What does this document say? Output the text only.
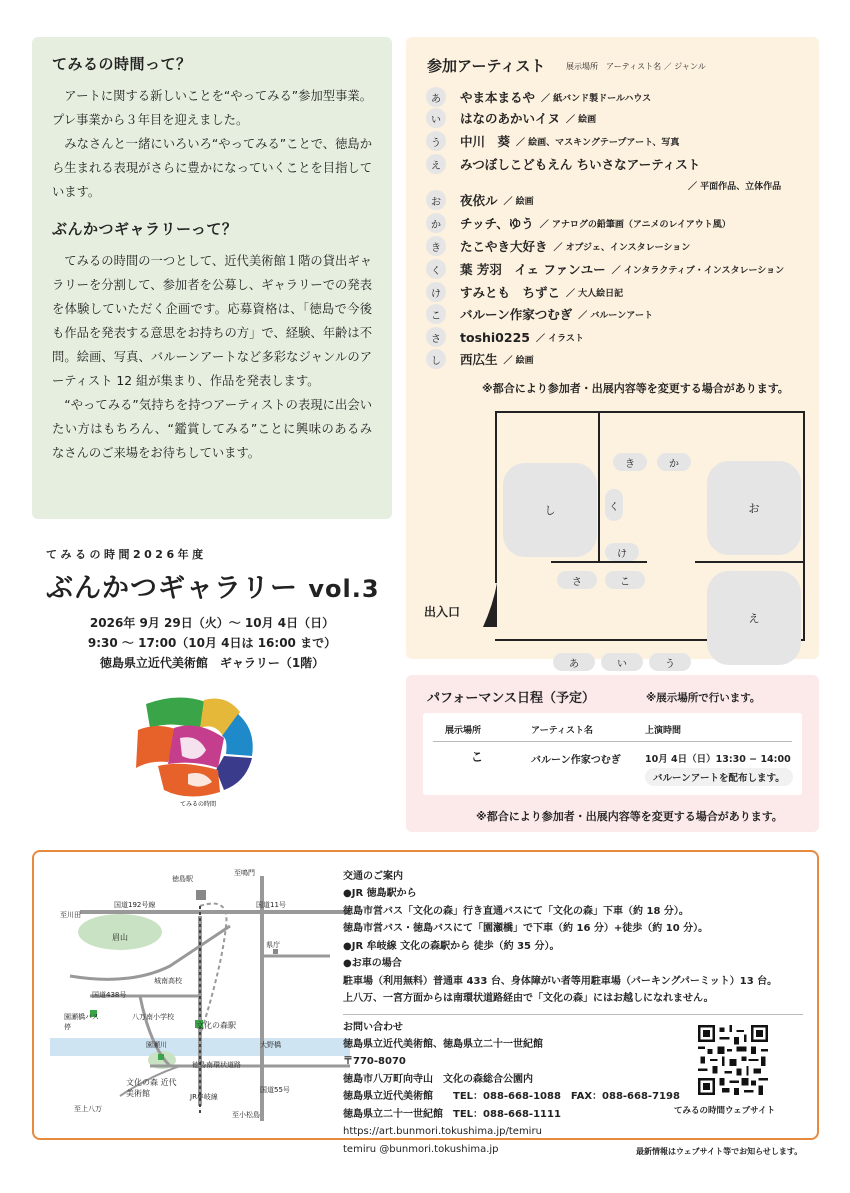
てみるの時間って？

アートに関する新しいことを“やってみる”参加型事業。プレ事業から３年目を迎えました。

みなさんと一緒にいろいろ“やってみる”ことで、徳島から生まれる表現がさらに豊かになっていくことを目指しています。

ぶんかつギャラリーって？

てみるの時間の一つとして、近代美術館１階の貸出ギャラリーを分割して、参加者を公募し、ギャラリーでの発表を体験していただく企画です。応募資格は、「徳島で今後も作品を発表する意思をお持ちの方」で、経験、年齢は不問。絵画、写真、バルーンアートなど多彩なジャンルのアーティスト 12 組が集まり、作品を発表します。

“やってみる”気持ちを持つアーティストの表現に出会いたい方はもちろん、“鑑賞してみる”ことに興味のあるみなさんのご来場をお待ちしています。

てみるの時間2026年度
ぶんかつギャラリー vol.3
2026年 9月 29日（火）〜 10月 4日（日）
9:30 〜 17:00（10月 4日は 16:00 まで）
徳島県立近代美術館　ギャラリー（1階）
てみるの時間
参加アーティスト	展示場所　アーティスト名 ／ ジャンル
あ	やま本まるや ／ 紙バンド製ドールハウス
い	はなのあかいイヌ ／ 絵画
う	中川　葵 ／ 絵画、マスキングテープアート、写真
え	みつぼしこどもえん ちいさなアーティスト
／ 平面作品、立体作品
お	夜依ル ／ 絵画
か	チッチ、ゆう ／ アナログの鉛筆画（アニメのレイアウト風）
き	たこやき大好き ／ オブジェ、インスタレーション
く	葉 芳羽　イェ ファンユー ／ インタラクティブ・インスタレーション
け	すみとも　ちずこ ／ 大人絵日記
こ	バルーン作家つむぎ ／ バルーンアート
さ	toshi0225 ／ イラスト
し	西広生 ／ 絵画
※都合により参加者・出展内容等を変更する場合があります。
し	お
え
き	か
く
け
さ	こ
あ	い	う
出入口
パフォーマンス日程（予定）	※展示場所で行います。
展示場所	アーティスト名	上演時間
こ	バルーン作家つむぎ	10月 4日（日）13:30 − 14:00
バルーンアートを配布します。
※都合により参加者・出展内容等を変更する場合があります。
徳島駅
至鳴門
至川田
国道192号線	国道11号
眉山
県庁
城南高校
国道438号
八万南小学校
文化の森駅
園瀬橋バス停
園瀬川	大野橋
徳島南環状道路
文化の森 近代美術館	JR牟岐線
国道55号
至上八万
至小松島
交通のご案内
●JR 徳島駅から
徳島市営バス「文化の森」行き直通バスにて「文化の森」下車（約 18 分）。
徳島市営バス・徳島バスにて「園瀬橋」で下車（約 16 分）+徒歩（約 10 分）。
●JR 牟岐線 文化の森駅から 徒歩（約 35 分）。
●お車の場合
駐車場（利用無料）普通車 433 台、身体障がい者等用駐車場（パーキングパーミット）13 台。
上八万、一宮方面からは南環状道路経由で「文化の森」にはお越しになれません。
お問い合わせ
徳島県立近代美術館、徳島県立二十一世紀館
〒770-8070
徳島市八万町向寺山　文化の森総合公園内
徳島県立近代美術館　　TEL：088-668-1088　FAX：088-668-7198
徳島県立二十一世紀館　TEL：088-668-1111
https://art.bunmori.tokushima.jp/temiru
temiru @bunmori.tokushima.jp
てみるの時間ウェブサイト
最新情報はウェブサイト等でお知らせします。
